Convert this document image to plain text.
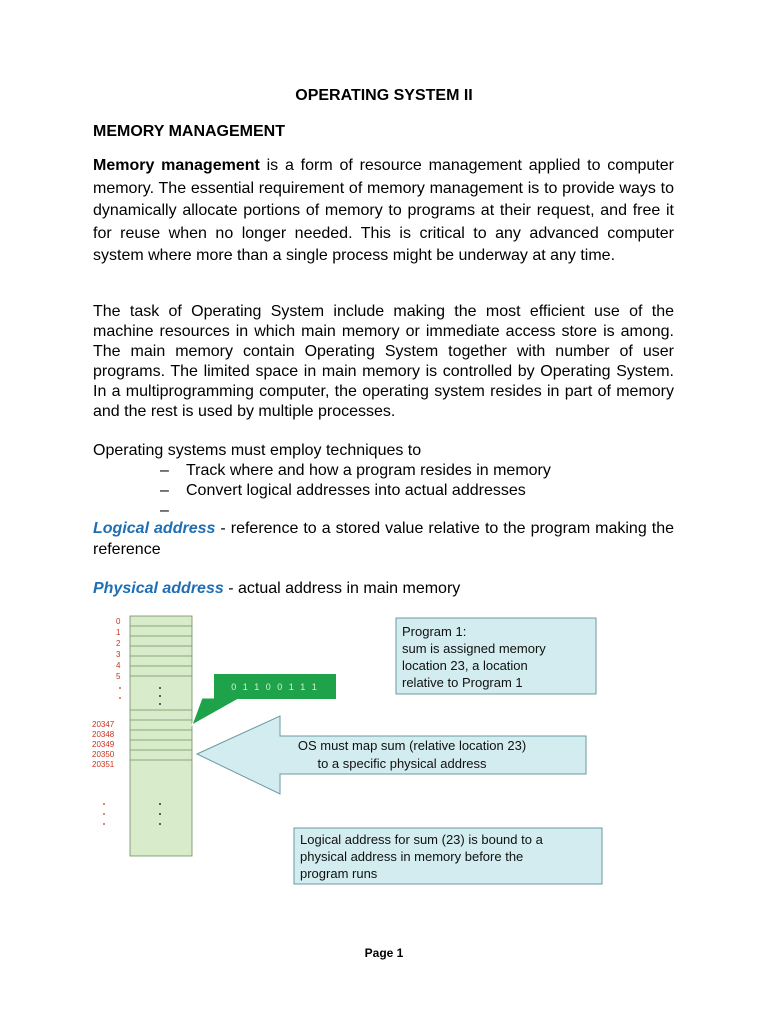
OPERATING SYSTEM II
MEMORY MANAGEMENT

Memory management is a form of resource management applied to computer memory. The essential requirement of memory management is to provide ways to dynamically allocate portions of memory to programs at their request, and free it for reuse when no longer needed. This is critical to any advanced computer system where more than a single process might be underway at any time.

The task of Operating System include making the most efficient use of the machine resources in which main memory or immediate access store is among. The main memory contain Operating System together with number of user programs. The limited space in main memory is controlled by Operating System. In a multiprogramming computer, the operating system resides in part of memory and the rest is used by multiple processes.

Operating systems must employ techniques to
– Track where and how a program resides in memory
– Convert logical addresses into actual addresses
–

Logical address - reference to a stored value relative to the program making the reference

Physical address - actual address in main memory

0
1
2
3
4
5
20347
20348
20349
20350
20351
0 1 1 0 0 1 1 1
Program 1:
sum is assigned memory
location 23, a location
relative to Program 1
OS must map sum (relative location 23)
to a specific physical address
Logical address for sum (23) is bound to a
physical address in memory before the
program runs
Page 1
